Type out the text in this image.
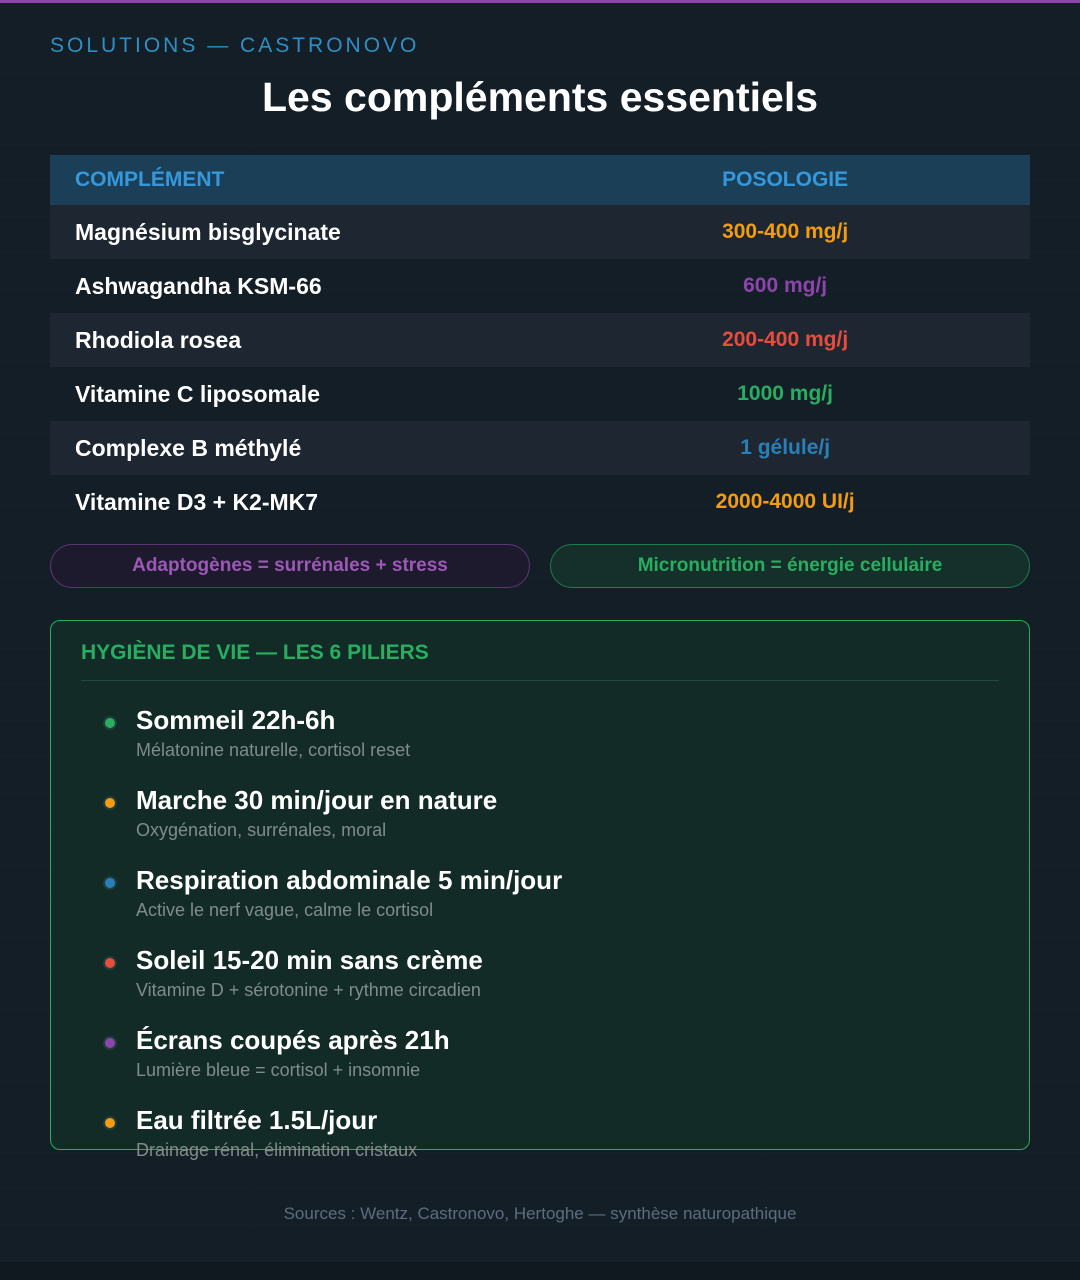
SOLUTIONS — CASTRONOVO
Les compléments essentiels
COMPLÉMENT	POSOLOGIE
Magnésium bisglycinate	300-400 mg/j
Ashwagandha KSM-66	600 mg/j
Rhodiola rosea	200-400 mg/j
Vitamine C liposomale	1000 mg/j
Complexe B méthylé	1 gélule/j
Vitamine D3 + K2-MK7	2000-4000 UI/j
Adaptogènes = surrénales + stress	Micronutrition = énergie cellulaire
HYGIÈNE DE VIE — LES 6 PILIERS
Sommeil 22h-6h
Mélatonine naturelle, cortisol reset
Marche 30 min/jour en nature
Oxygénation, surrénales, moral
Respiration abdominale 5 min/jour
Active le nerf vague, calme le cortisol
Soleil 15-20 min sans crème
Vitamine D + sérotonine + rythme circadien
Écrans coupés après 21h
Lumière bleue = cortisol + insomnie
Eau filtrée 1.5L/jour
Drainage rénal, élimination cristaux
Sources : Wentz, Castronovo, Hertoghe — synthèse naturopathique
